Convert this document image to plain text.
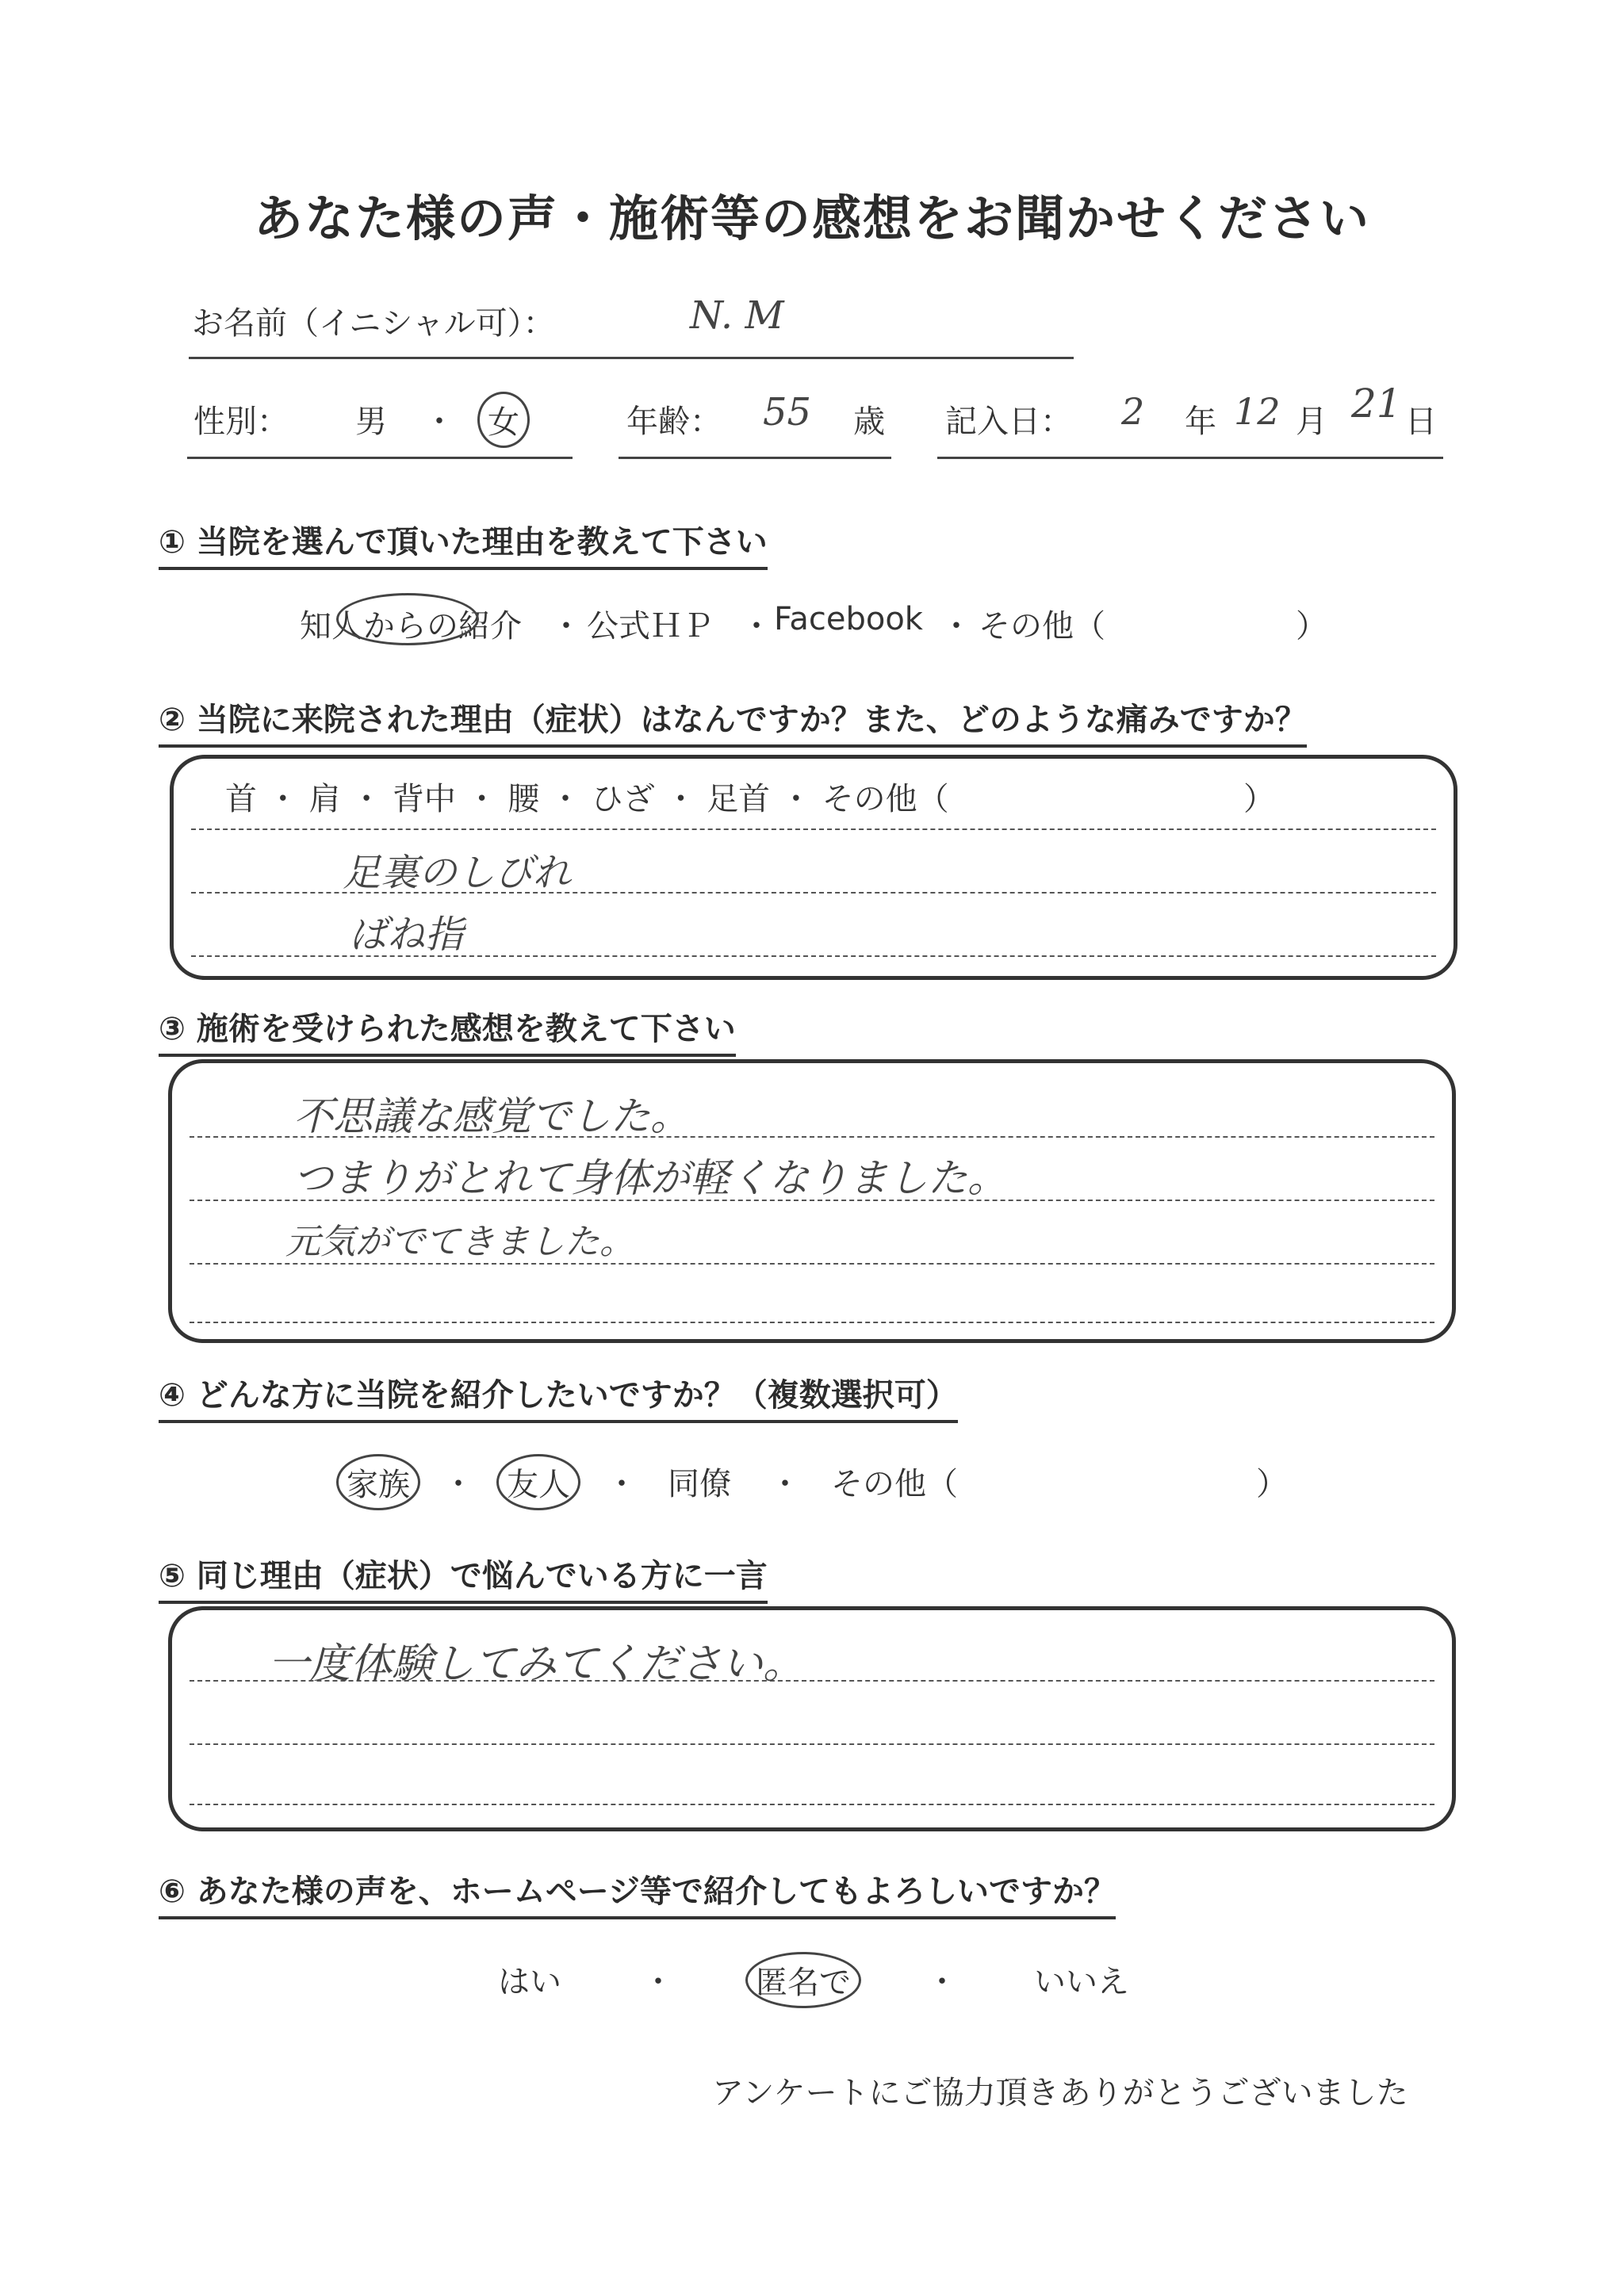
あなた様の声・施術等の感想をお聞かせください
お名前（イニシャル可）：	N. M
性別： 男 ・	女	年齢： 55 歳 記入日： 2 年 12 月 21 日
① 当院を選んで頂いた理由を教えて下さい
知人からの紹介 ・ 公式ＨＰ ・ Facebook ・ その他（	）
② 当院に来院された理由（症状）はなんですか？また、どのような痛みですか？
首 ・ 肩 ・ 背中 ・ 腰 ・ ひざ ・ 足首 ・ その他（	）
足裏のしびれ
ばね指
③ 施術を受けられた感想を教えて下さい
不思議な感覚でした。
つまりがとれて身体が軽くなりました。
元気がでてきました。
④ どんな方に当院を紹介したいですか？（複数選択可）
家族	・	友人	・ 同僚 ・ その他（	）
⑤ 同じ理由（症状）で悩んでいる方に一言
一度体験してみてください。
⑥ あなた様の声を、ホームページ等で紹介してもよろしいですか？
はい	・	匿名で	・ いいえ
アンケートにご協力頂きありがとうございました
